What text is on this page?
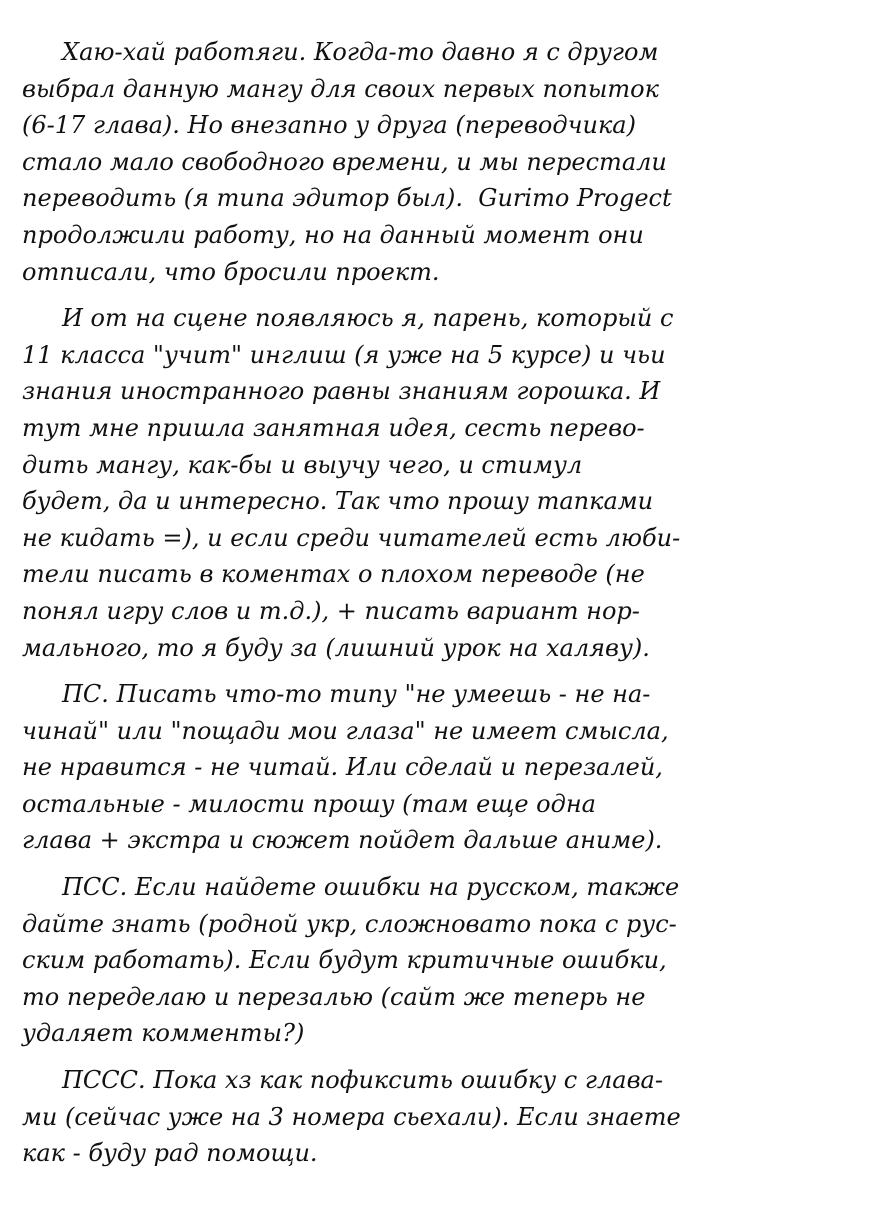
Хаю-хай работяги. Когда-то давно я с другом
выбрал данную мангу для своих первых попыток
(6-17 глава). Но внезапно у друга (переводчика)
стало мало свободного времени, и мы перестали
переводить (я типа эдитор был).  Gurimo Progect
продолжили работу, но на данный момент они
отписали, что бросили проект.
И от на сцене появляюсь я, парень, который с
11 класса "учит" инглиш (я уже на 5 курсе) и чьи
знания иностранного равны знаниям горошка. И
тут мне пришла занятная идея, сесть перево-
дить мангу, как-бы и выучу чего, и стимул
будет, да и интересно. Так что прошу тапками
не кидать =), и если среди читателей есть люби-
тели писать в коментах о плохом переводе (не
понял игру слов и т.д.), + писать вариант нор-
мального, то я буду за (лишний урок на халяву).
ПС. Писать что-то типу "не умеешь - не на-
чинай" или "пощади мои глаза" не имеет смысла,
не нравится - не читай. Или сделай и перезалей,
остальные - милости прошу (там еще одна
глава + экстра и сюжет пойдет дальше аниме).
ПСС. Если найдете ошибки на русском, также
дайте знать (родной укр, сложновато пока с рус-
ским работать). Если будут критичные ошибки,
то переделаю и перезалью (сайт же теперь не
удаляет комменты?)
ПССС. Пока хз как пофиксить ошибку с глава-
ми (сейчас уже на 3 номера сьехали). Если знаете
как - буду рад помощи.
